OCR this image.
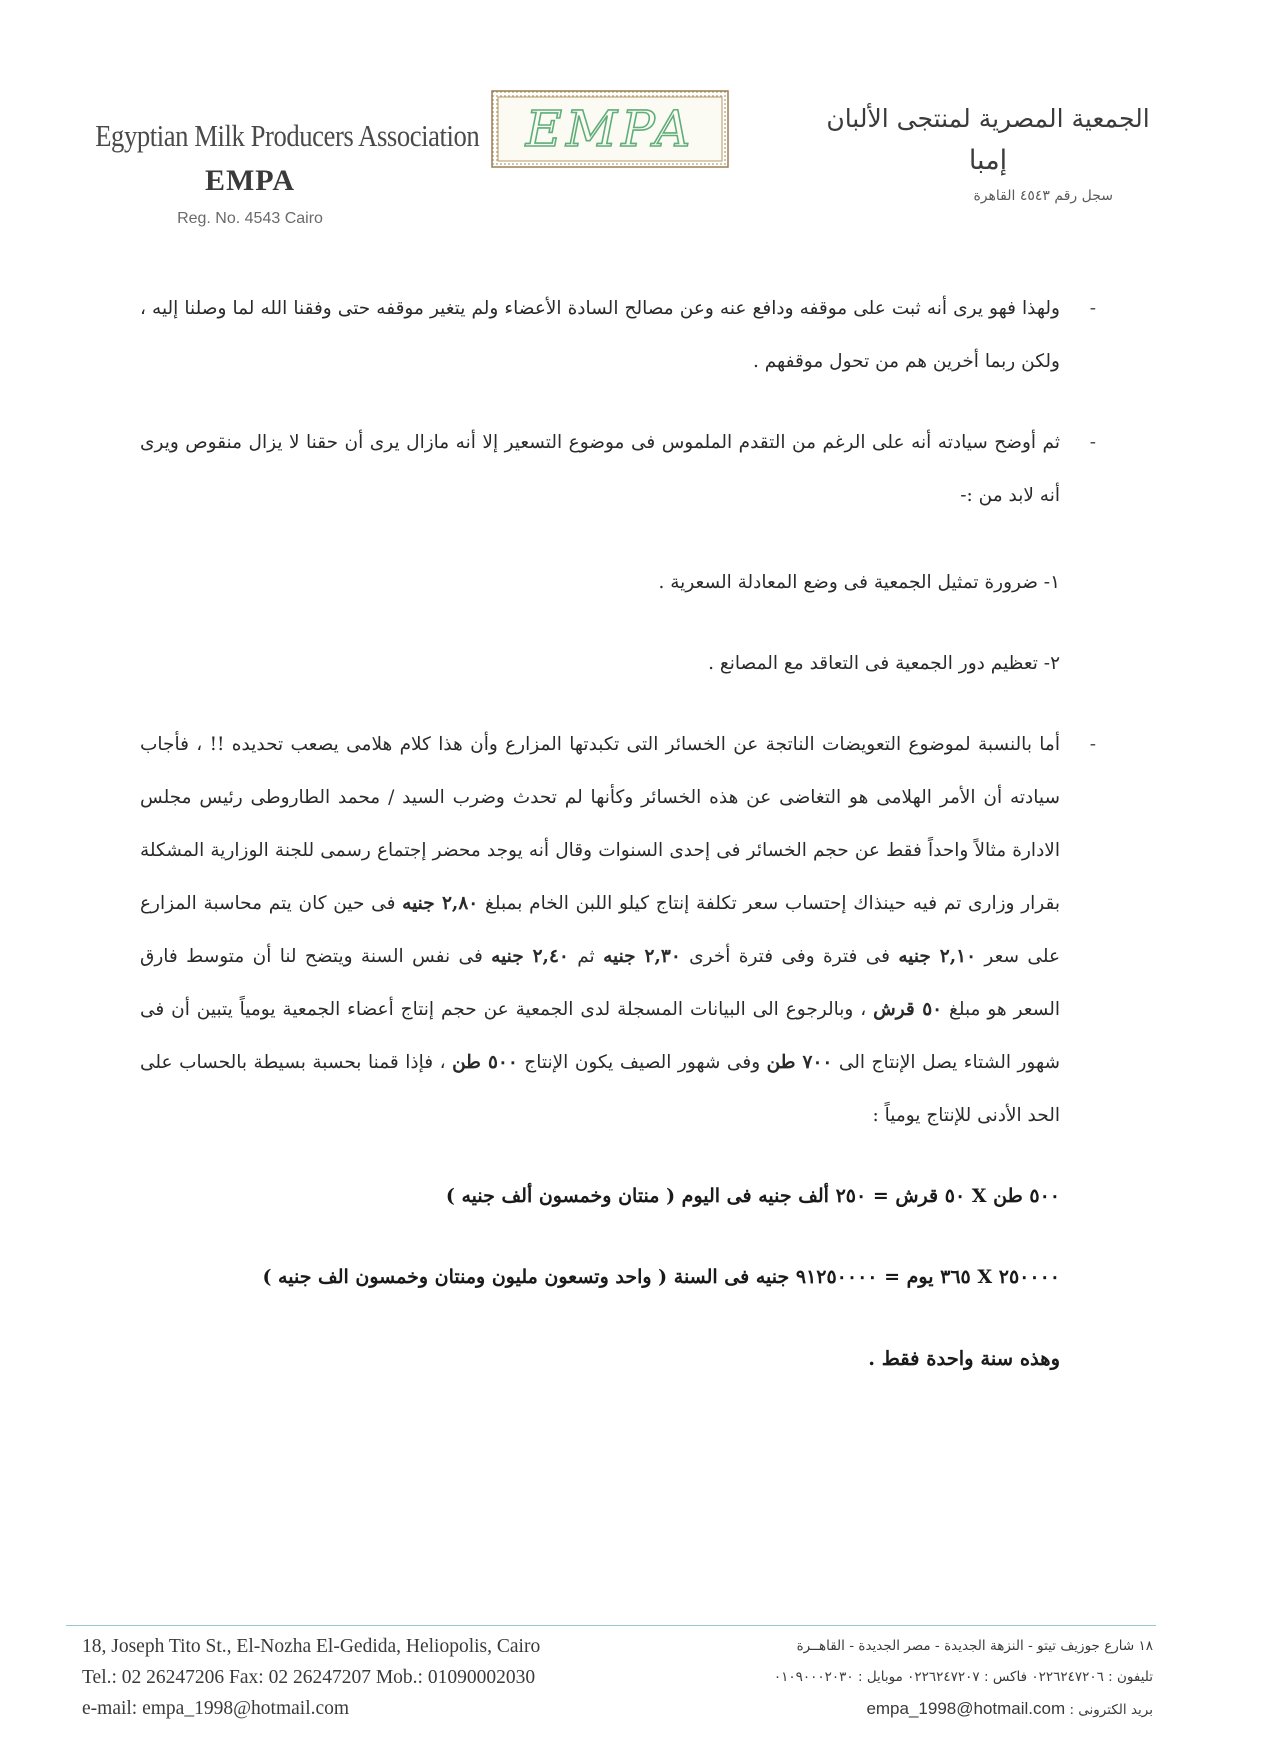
Egyptian Milk Producers Association
EMPA
Reg. No. 4543 Cairo
EMPA	الجمعية المصرية لمنتجى الألبان
إمبا
سجل رقم ٤٥٤٣ القاهرة
-
ولهذا فهو يرى أنه ثبت على موقفه ودافع عنه وعن مصالح السادة الأعضاء ولم يتغير موقفه حتى وفقنا الله لما وصلنا إليه ، ولكن ربما أخرين هم من تحول موقفهم .
-
ثم أوضح سيادته أنه على الرغم من التقدم الملموس فى موضوع التسعير إلا أنه مازال يرى أن حقنا لا يزال منقوص ويرى أنه لابد من :-
١- ضرورة تمثيل الجمعية فى وضع المعادلة السعرية .
٢- تعظيم دور الجمعية فى التعاقد مع المصانع .
-
أما بالنسبة لموضوع التعويضات الناتجة عن الخسائر التى تكبدتها المزارع وأن هذا كلام هلامى يصعب تحديده !! ، فأجاب سيادته أن الأمر الهلامى هو التغاضى عن هذه الخسائر وكأنها لم تحدث وضرب السيد / محمد الطاروطى رئيس مجلس الادارة مثالاً واحداً فقط عن حجم الخسائر فى إحدى السنوات وقال أنه يوجد محضر إجتماع رسمى للجنة الوزارية المشكلة بقرار وزارى تم فيه حينذاك إحتساب سعر تكلفة إنتاج كيلو اللبن الخام بمبلغ ٢,٨٠ جنيه فى حين كان يتم محاسبة المزارع على سعر ٢,١٠ جنيه فى فترة وفى فترة أخرى ٢,٣٠ جنيه ثم ٢,٤٠ جنيه فى نفس السنة ويتضح لنا أن متوسط فارق السعر هو مبلغ ٥٠ قرش ، وبالرجوع الى البيانات المسجلة لدى الجمعية عن حجم إنتاج أعضاء الجمعية يومياً يتبين أن فى شهور الشتاء يصل الإنتاج الى ٧٠٠ طن وفى شهور الصيف يكون الإنتاج ٥٠٠ طن ، فإذا قمنا بحسبة بسيطة بالحساب على الحد الأدنى للإنتاج يومياً :
٥٠٠ طن X ٥٠ قرش = ٢٥٠ ألف جنيه فى اليوم ( منتان وخمسون ألف جنيه )
٢٥٠٠٠٠ X ٣٦٥ يوم = ٩١٢٥٠٠٠٠ جنيه فى السنة ( واحد وتسعون مليون ومنتان وخمسون الف جنيه )
وهذه سنة واحدة فقط .
18, Joseph Tito St., El-Nozha El-Gedida, Heliopolis, Cairo
Tel.: 02 26247206 Fax: 02 26247207 Mob.: 01090002030
e-mail: empa_1998@hotmail.com
١٨ شارع جوزيف تيتو - النزهة الجديدة - مصر الجديدة - القاهــرة
تليفون : ٠٢٢٦٢٤٧٢٠٦ فاكس : ٠٢٢٦٢٤٧٢٠٧ موبايل : ٠١٠٩٠٠٠٢٠٣٠
بريد الكترونى : empa_1998@hotmail.com
